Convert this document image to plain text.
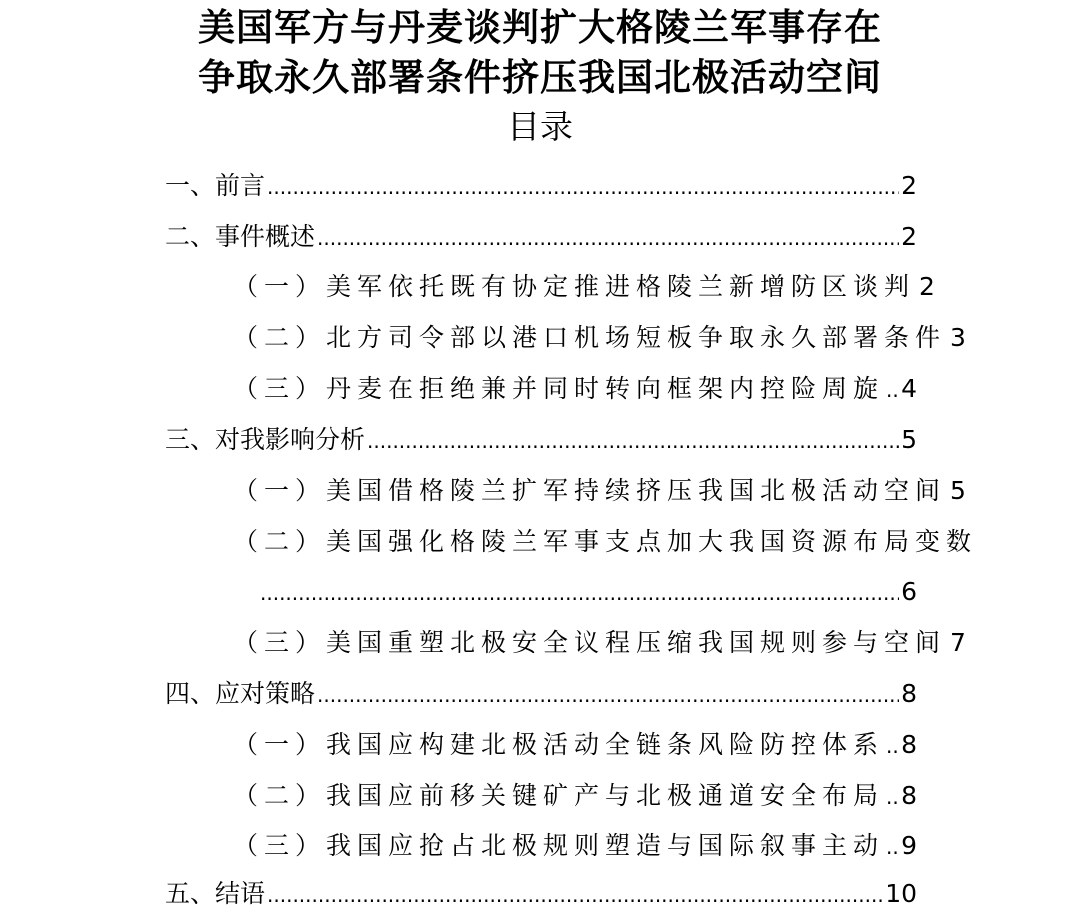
美国军方与丹麦谈判扩大格陵兰军事存在
争取永久部署条件挤压我国北极活动空间
目录
一、前言 .....	2
二、事件概述 .....	2
（一）美军依托既有协定推进格陵兰新增防区谈判 2
（二）北方司令部以港口机场短板争取永久部署条件 3
（三）丹麦在拒绝兼并同时转向框架内控险周旋 ..... 4
三、对我影响分析 .....	5
（一）美国借格陵兰扩军持续挤压我国北极活动空间 5
（二）美国强化格陵兰军事支点加大我国资源布局变数
.....
6
（三）美国重塑北极安全议程压缩我国规则参与空间 7
四、应对策略 .....	8
（一）我国应构建北极活动全链条风险防控体系 ..... 8
（二）我国应前移关键矿产与北极通道安全布局 ..... 8
（三）我国应抢占北极规则塑造与国际叙事主动 ..... 9
五、结语 .....	10
